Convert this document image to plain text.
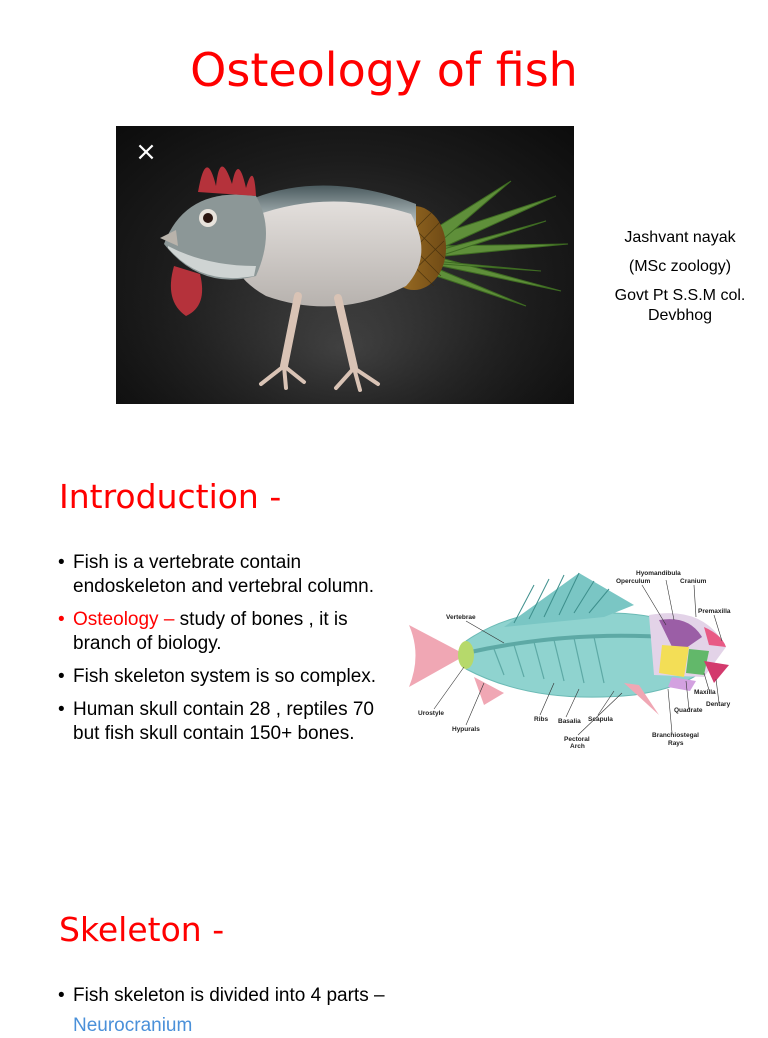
Osteology of fish
×
Jashvant nayak
(MSc zoology)
Govt Pt S.S.M col.
Devbhog
Introduction -
• Fish is a vertebrate contain endoskeleton and vertebral column.
• Osteology – study of bones , it is branch of biology.
• Fish skeleton system is so complex.
• Human skull contain 28 , reptiles 70 but fish skull contain 150+ bones.
Hyomandibula
Operculum	Cranium
Premaxilla
Vertebrae
Maxilla
Dentary
Quadrate
Urostyle
Hypurals
Ribs Basalia Scapula
Pectoral
Arch
Branchiostegal
Rays
Skeleton -
• Fish skeleton is divided into 4 parts –
Neurocranium
